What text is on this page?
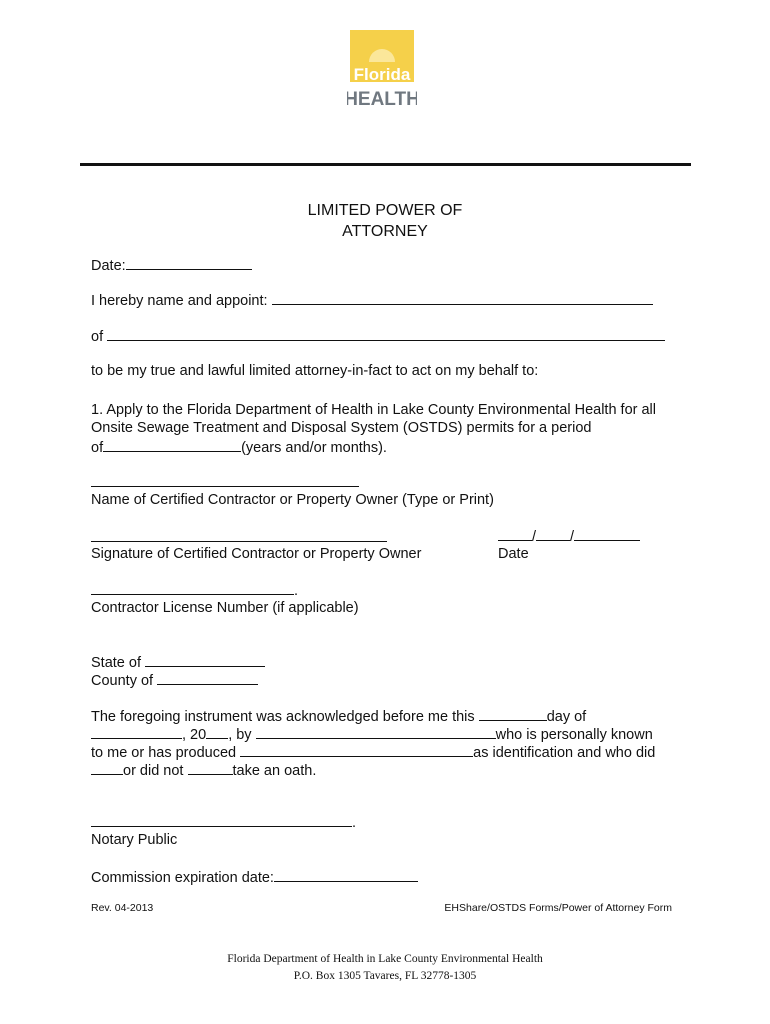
Florida
HEALTH
LIMITED POWER OF
ATTORNEY
Date:
I hereby name and appoint:
of
to be my true and lawful limited attorney-in-fact to act on my behalf to:
1. Apply to the Florida Department of Health in Lake County Environmental Health for all
Onsite Sewage Treatment and Disposal System (OSTDS) permits for a period
of	(years and/or months).
Name of Certified Contractor or Property Owner (Type or Print)
/ /
Signature of Certified Contractor or Property Owner	Date
.
Contractor License Number (if applicable)
State of
County of
The foregoing instrument was acknowledged before me this	day of
, 20 , by	who is personally known
to me or has produced	as identification and who did
or did not	take an oath.
.
Notary Public
Commission expiration date:
Rev. 04-2013	EHShare/OSTDS Forms/Power of Attorney Form
Florida Department of Health in Lake County Environmental Health
P.O. Box 1305 Tavares, FL 32778-1305
